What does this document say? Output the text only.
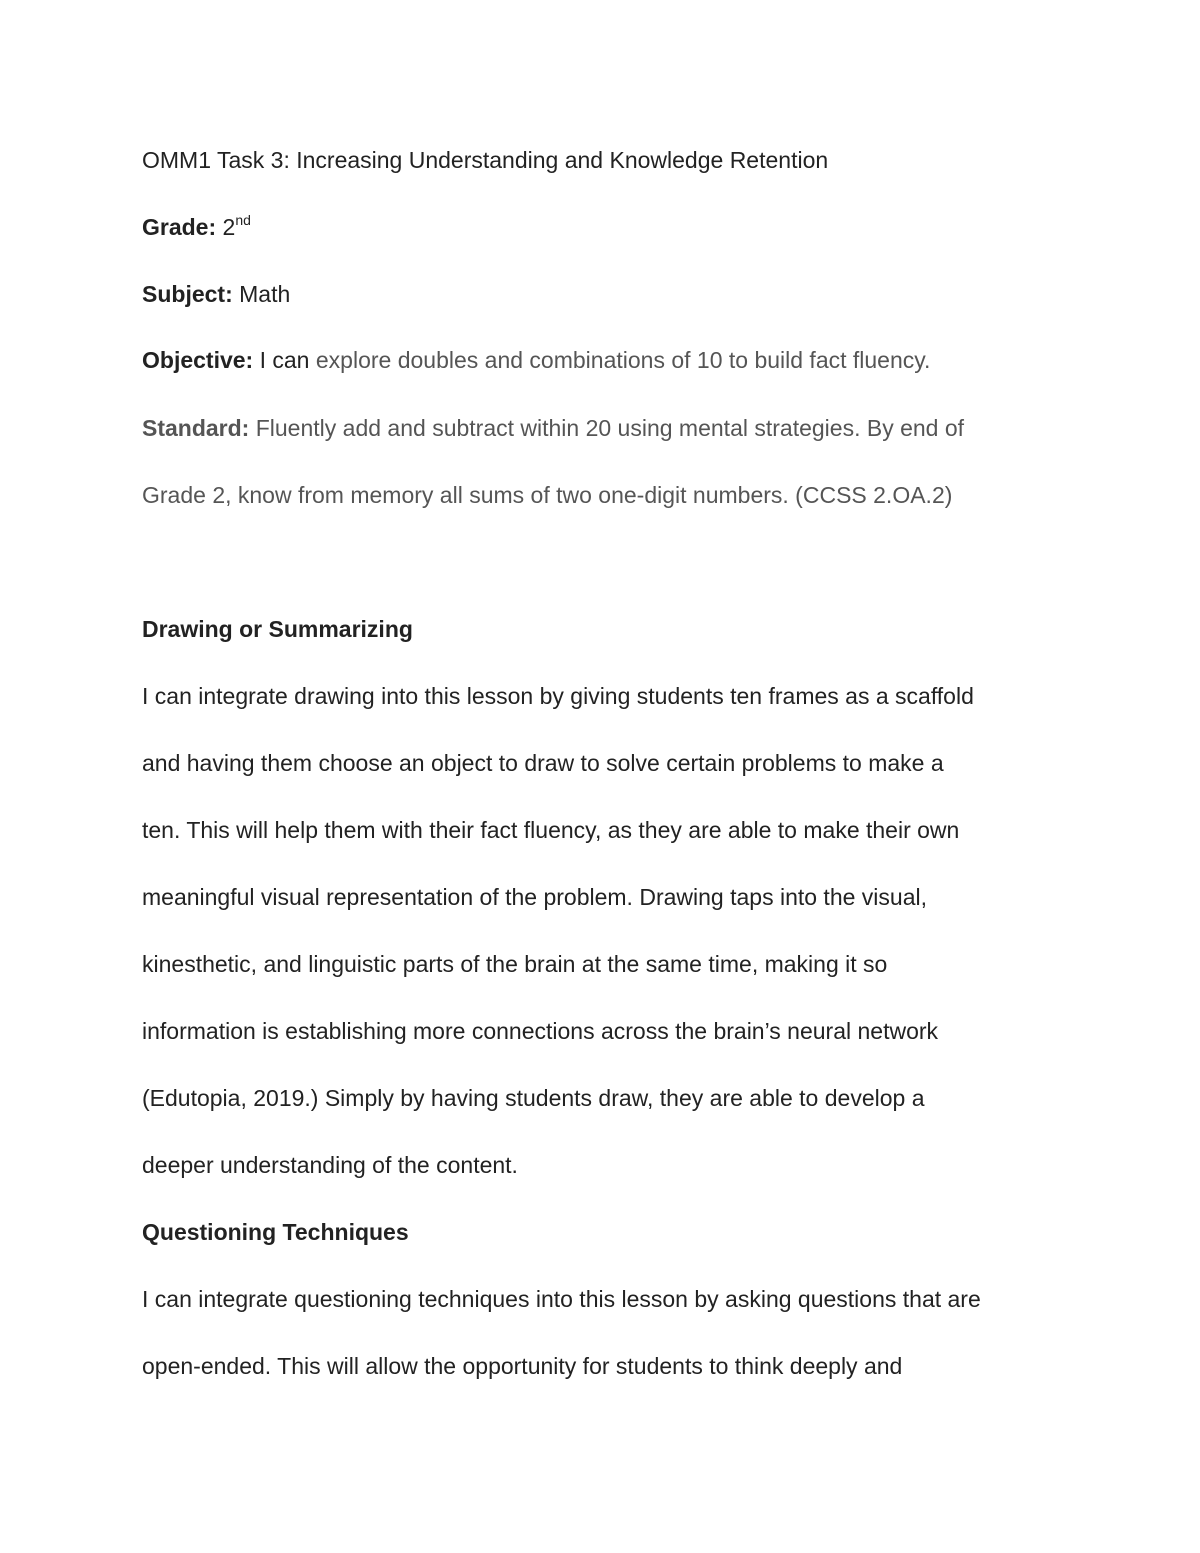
OMM1 Task 3: Increasing Understanding and Knowledge Retention
Grade: 2nd
Subject: Math
Objective: I can explore doubles and combinations of 10 to build fact fluency.
Standard: Fluently add and subtract within 20 using mental strategies. By end of
Grade 2, know from memory all sums of two one-digit numbers. (CCSS 2.OA.2)
Drawing or Summarizing
I can integrate drawing into this lesson by giving students ten frames as a scaffold
and having them choose an object to draw to solve certain problems to make a
ten. This will help them with their fact fluency, as they are able to make their own
meaningful visual representation of the problem. Drawing taps into the visual,
kinesthetic, and linguistic parts of the brain at the same time, making it so
information is establishing more connections across the brain’s neural network
(Edutopia, 2019.) Simply by having students draw, they are able to develop a
deeper understanding of the content.
Questioning Techniques
I can integrate questioning techniques into this lesson by asking questions that are
open-ended. This will allow the opportunity for students to think deeply and
